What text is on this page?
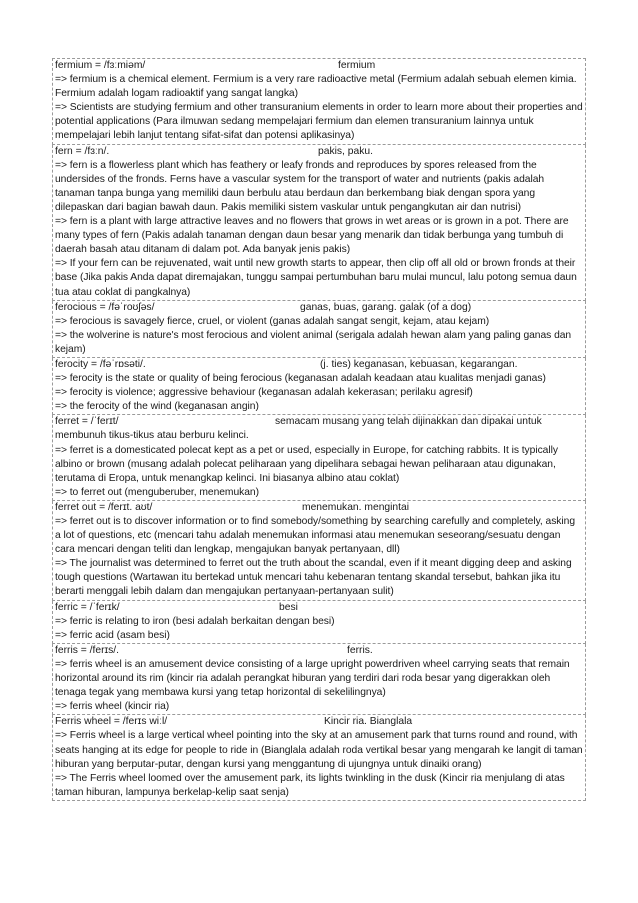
fermium = /fɜːmiəm/	fermium
=> fermium is a chemical element. Fermium is a very rare radioactive metal (Fermium adalah sebuah elemen kimia. Fermium adalah logam radioaktif yang sangat langka)
=> Scientists are studying fermium and other transuranium elements in order to learn more about their properties and potential applications (Para ilmuwan sedang mempelajari fermium dan elemen transuranium lainnya untuk mempelajari lebih lanjut tentang sifat-sifat dan potensi aplikasinya)
fern = /fɜːn/.	pakis, paku.
=> fern is a flowerless plant which has feathery or leafy fronds and reproduces by spores released from the undersides of the fronds. Ferns have a vascular system for the transport of water and nutrients (pakis adalah tanaman tanpa bunga yang memiliki daun berbulu atau berdaun dan berkembang biak dengan spora yang dilepaskan dari bagian bawah daun. Pakis memiliki sistem vaskular untuk pengangkutan air dan nutrisi)
=> fern is a plant with large attractive leaves and no flowers that grows in wet areas or is grown in a pot. There are many types of fern (Pakis adalah tanaman dengan daun besar yang menarik dan tidak berbunga yang tumbuh di daerah basah atau ditanam di dalam pot. Ada banyak jenis pakis)
=> If your fern can be rejuvenated, wait until new growth starts to appear, then clip off all old or brown fronds at their base (Jika pakis Anda dapat diremajakan, tunggu sampai pertumbuhan baru mulai muncul, lalu potong semua daun tua atau coklat di pangkalnya)
ferocious = /fəˈroʊʃəs/	ganas, buas, garang. galak (of a dog)
=> ferocious is savagely fierce, cruel, or violent (ganas adalah sangat sengit, kejam, atau kejam)
=> the wolverine is nature's most ferocious and violent animal (serigala adalah hewan alam yang paling ganas dan kejam)
ferocity = /fəˈrɒsəti/.	(j. ties) keganasan, kebuasan, kegarangan.
=> ferocity is the state or quality of being ferocious (keganasan adalah keadaan atau kualitas menjadi ganas)
=> ferocity is violence; aggressive behaviour (keganasan adalah kekerasan; perilaku agresif)
=> the ferocity of the wind (keganasan angin)
ferret = /ˈferɪt/	semacam musang yang telah dijinakkan dan dipakai untuk
membunuh tikus-tikus atau berburu kelinci.
=> ferret is a domesticated polecat kept as a pet or used, especially in Europe, for catching rabbits. It is typically albino or brown (musang adalah polecat peliharaan yang dipelihara sebagai hewan peliharaan atau digunakan, terutama di Eropa, untuk menangkap kelinci. Ini biasanya albino atau coklat)
=> to ferret out (menguberuber, menemukan)
ferret out = /ferɪt. aʊt/	menemukan. mengintai
=> ferret out is to discover information or to find somebody/something by searching carefully and completely, asking a lot of questions, etc (mencari tahu adalah menemukan informasi atau menemukan seseorang/sesuatu dengan cara mencari dengan teliti dan lengkap, mengajukan banyak pertanyaan, dll)
=> The journalist was determined to ferret out the truth about the scandal, even if it meant digging deep and asking tough questions (Wartawan itu bertekad untuk mencari tahu kebenaran tentang skandal tersebut, bahkan jika itu berarti menggali lebih dalam dan mengajukan pertanyaan-pertanyaan sulit)
ferric = /ˈferɪk/	besi
=> ferric is relating to iron (besi adalah berkaitan dengan besi)
=> ferric acid (asam besi)
ferris = /ferɪs/.	ferris.
=> ferris wheel is an amusement device consisting of a large upright powerdriven wheel carrying seats that remain horizontal around its rim (kincir ria adalah perangkat hiburan yang terdiri dari roda besar yang digerakkan oleh tenaga tegak yang membawa kursi yang tetap horizontal di sekelilingnya)
=> ferris wheel (kincir ria)
Ferris wheel = /ferɪs wiːl/	Kincir ria. Bianglala
=> Ferris wheel is a large vertical wheel pointing into the sky at an amusement park that turns round and round, with seats hanging at its edge for people to ride in (Bianglala adalah roda vertikal besar yang mengarah ke langit di taman hiburan yang berputar-putar, dengan kursi yang menggantung di ujungnya untuk dinaiki orang)
=> The Ferris wheel loomed over the amusement park, its lights twinkling in the dusk (Kincir ria menjulang di atas taman hiburan, lampunya berkelap-kelip saat senja)
